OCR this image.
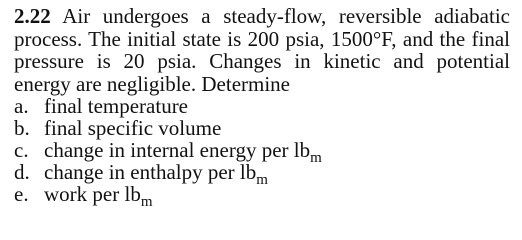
2.22 Air undergoes a steady-flow, reversible adiabatic process. The initial state is 200 psia, 1500°F, and the final pressure is 20 psia. Changes in kinetic and potential energy are negligible. Determine

a. final temperature
b. final specific volume
c. change in internal energy per $lb_m$
d. change in enthalpy per $lb_m$
e. work per $lb_m$
